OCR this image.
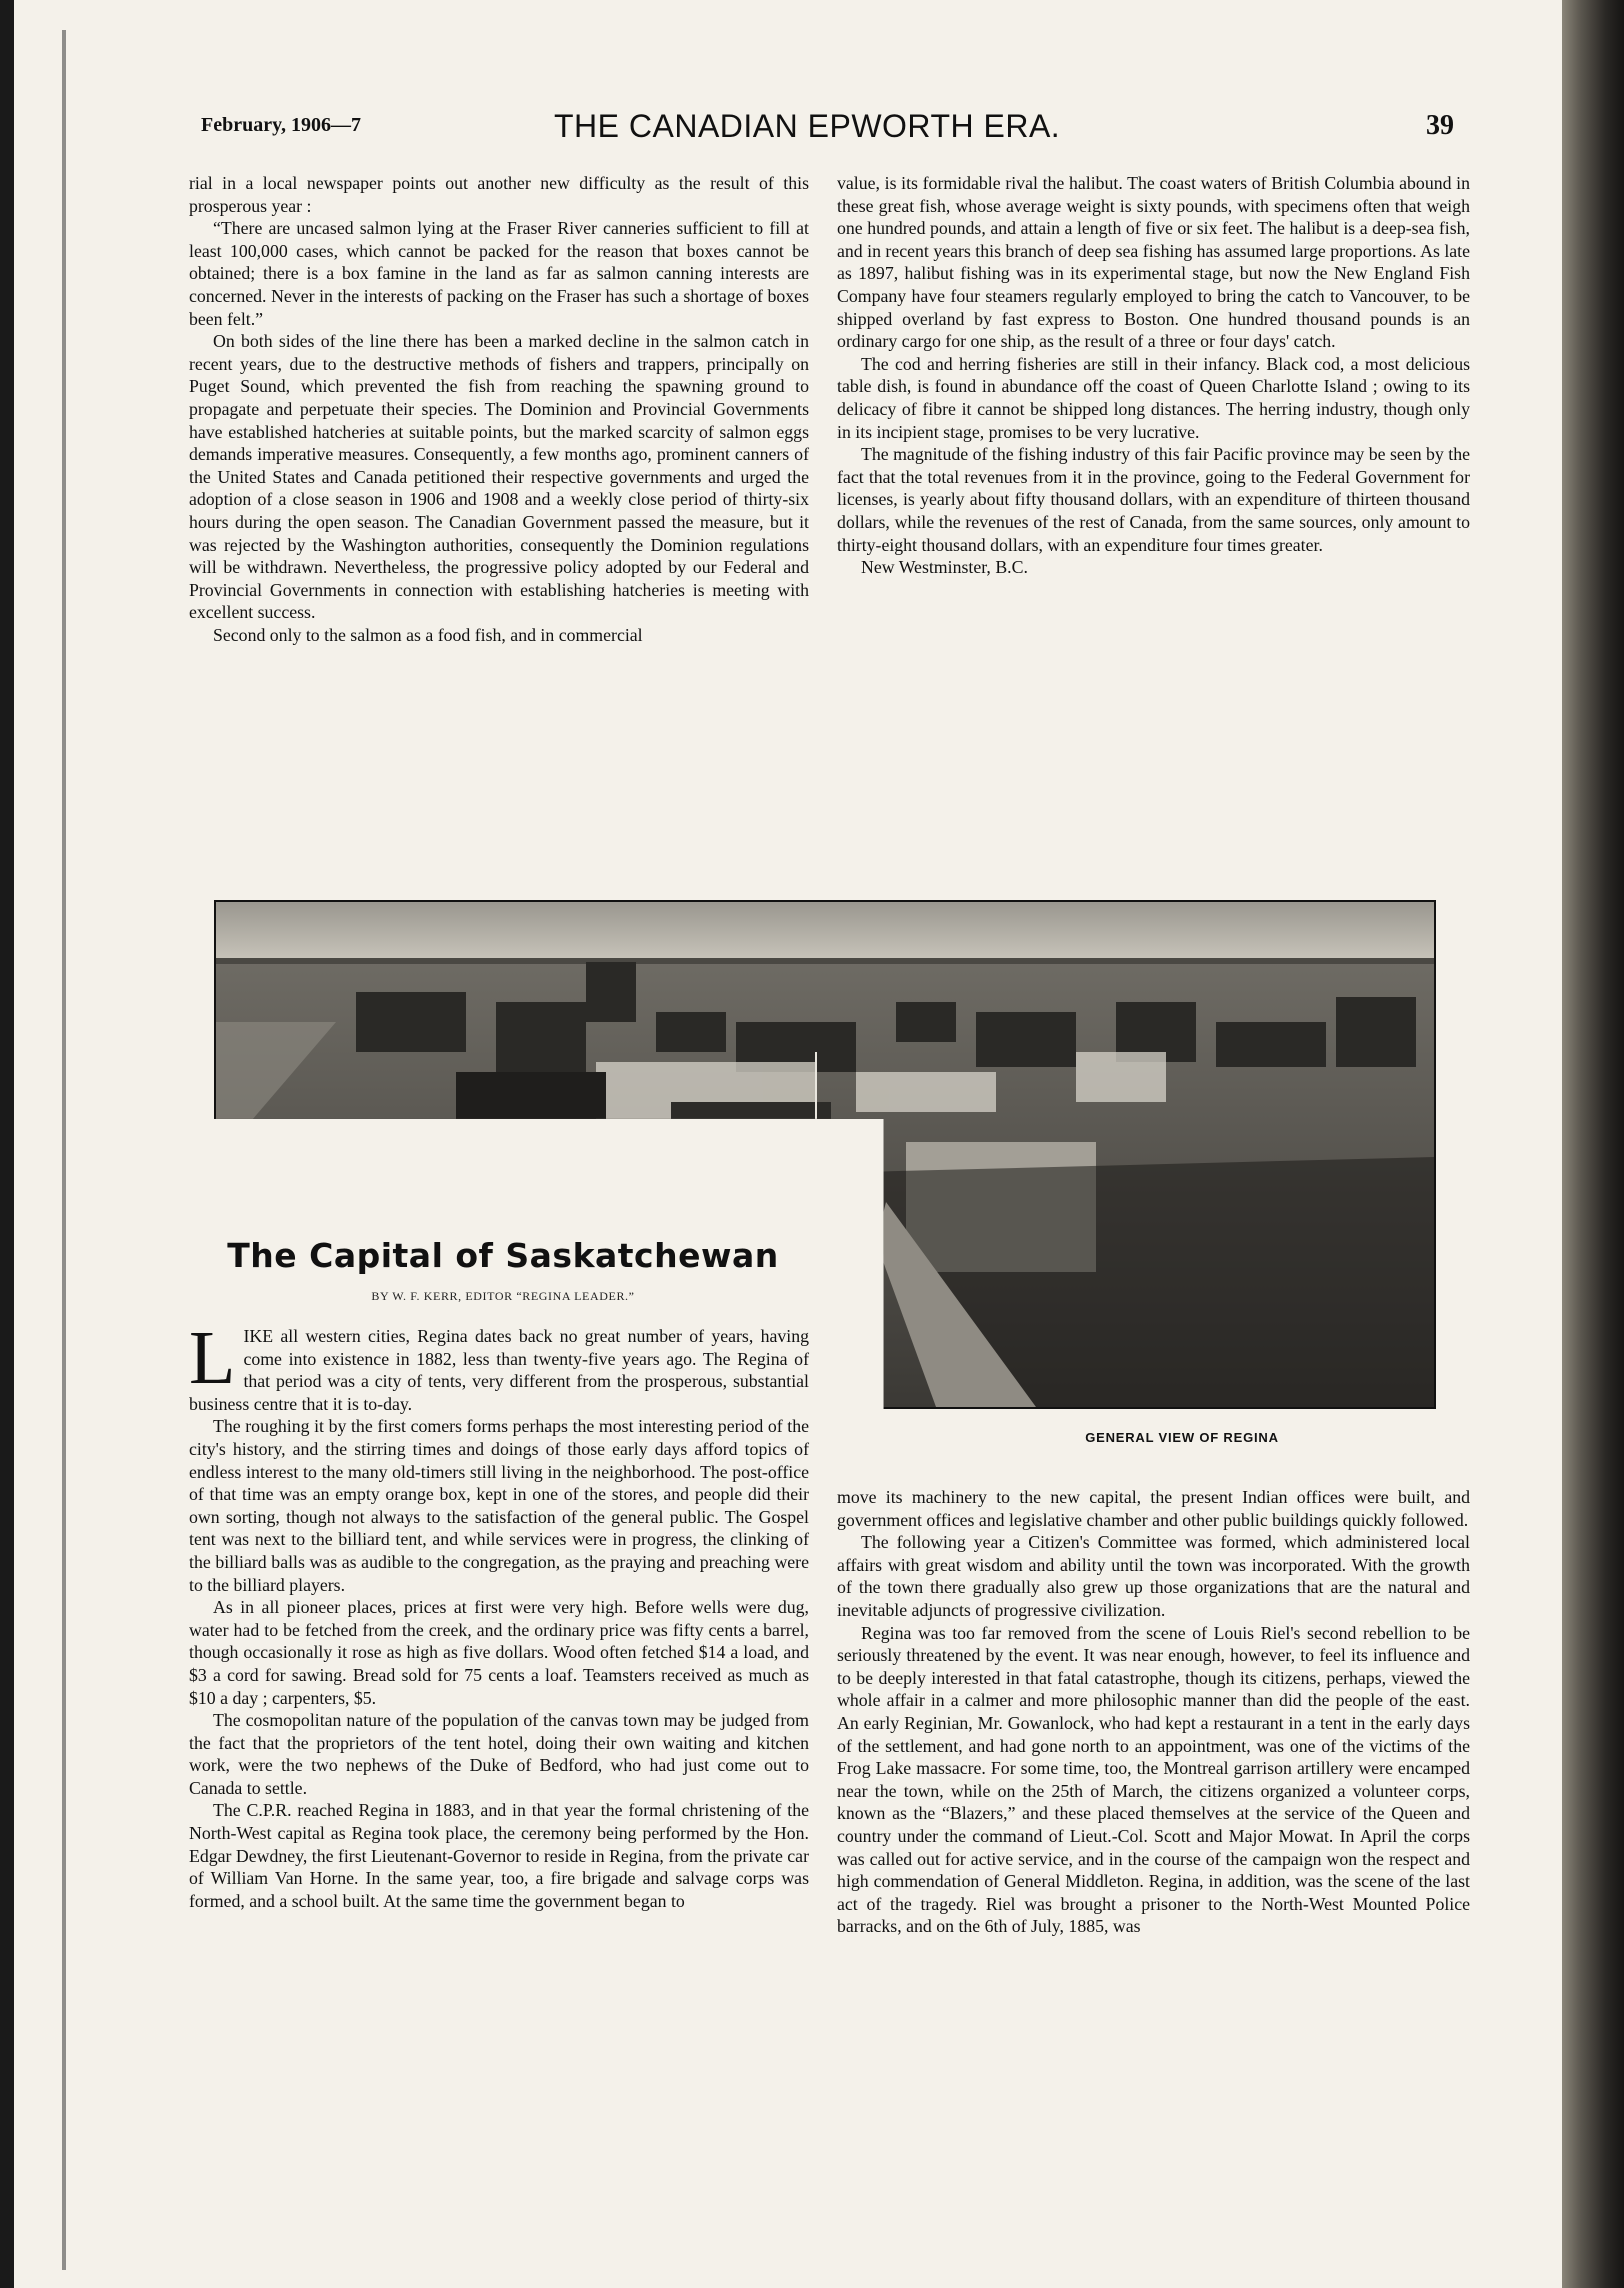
February, 1906—7	THE CANADIAN EPWORTH ERA.	39

rial in a local newspaper points out another new difficulty as the result of this prosperous year :

“There are uncased salmon lying at the Fraser River canneries sufficient to fill at least 100,000 cases, which cannot be packed for the reason that boxes cannot be obtained; there is a box famine in the land as far as salmon canning interests are concerned. Never in the interests of packing on the Fraser has such a shortage of boxes been felt.”

On both sides of the line there has been a marked decline in the salmon catch in recent years, due to the destructive methods of fishers and trappers, principally on Puget Sound, which prevented the fish from reaching the spawning ground to propagate and perpetuate their species. The Dominion and Provincial Governments have established hatcheries at suitable points, but the marked scarcity of salmon eggs demands imperative measures. Consequently, a few months ago, prominent canners of the United States and Canada petitioned their respective governments and urged the adoption of a close season in 1906 and 1908 and a weekly close period of thirty-six hours during the open season. The Canadian Government passed the measure, but it was rejected by the Washington authorities, consequently the Dominion regulations will be withdrawn. Nevertheless, the progressive policy adopted by our Federal and Provincial Governments in connection with establishing hatcheries is meeting with excellent success.

Second only to the salmon as a food fish, and in commercial

value, is its formidable rival the halibut. The coast waters of British Columbia abound in these great fish, whose average weight is sixty pounds, with specimens often that weigh one hundred pounds, and attain a length of five or six feet. The halibut is a deep-sea fish, and in recent years this branch of deep sea fishing has assumed large proportions. As late as 1897, halibut fishing was in its experimental stage, but now the New England Fish Company have four steamers regularly employed to bring the catch to Vancouver, to be shipped overland by fast express to Boston. One hundred thousand pounds is an ordinary cargo for one ship, as the result of a three or four days' catch.

The cod and herring fisheries are still in their infancy. Black cod, a most delicious table dish, is found in abundance off the coast of Queen Charlotte Island ; owing to its delicacy of fibre it cannot be shipped long distances. The herring industry, though only in its incipient stage, promises to be very lucrative.

The magnitude of the fishing industry of this fair Pacific province may be seen by the fact that the total revenues from it in the province, going to the Federal Government for licenses, is yearly about fifty thousand dollars, with an expenditure of thirteen thousand dollars, while the revenues of the rest of Canada, from the same sources, only amount to thirty-eight thousand dollars, with an expenditure four times greater.

New Westminster, B.C.

The Capital of Saskatchewan
BY W. F. KERR, EDITOR “REGINA LEADER.”
GENERAL VIEW OF REGINA

LIKE all western cities, Regina dates back no great number of years, having come into existence in 1882, less than twenty-five years ago. The Regina of that period was a city of tents, very different from the prosperous, substantial business centre that it is to-day.

The roughing it by the first comers forms perhaps the most interesting period of the city's history, and the stirring times and doings of those early days afford topics of endless interest to the many old-timers still living in the neighborhood. The post-office of that time was an empty orange box, kept in one of the stores, and people did their own sorting, though not always to the satisfaction of the general public. The Gospel tent was next to the billiard tent, and while services were in progress, the clinking of the billiard balls was as audible to the congregation, as the praying and preaching were to the billiard players.

As in all pioneer places, prices at first were very high. Before wells were dug, water had to be fetched from the creek, and the ordinary price was fifty cents a barrel, though occasionally it rose as high as five dollars. Wood often fetched $14 a load, and $3 a cord for sawing. Bread sold for 75 cents a loaf. Teamsters received as much as $10 a day ; carpenters, $5.

The cosmopolitan nature of the population of the canvas town may be judged from the fact that the proprietors of the tent hotel, doing their own waiting and kitchen work, were the two nephews of the Duke of Bedford, who had just come out to Canada to settle.

The C.P.R. reached Regina in 1883, and in that year the formal christening of the North-West capital as Regina took place, the ceremony being performed by the Hon. Edgar Dewdney, the first Lieutenant-Governor to reside in Regina, from the private car of William Van Horne. In the same year, too, a fire brigade and salvage corps was formed, and a school built. At the same time the government began to

move its machinery to the new capital, the present Indian offices were built, and government offices and legislative chamber and other public buildings quickly followed.

The following year a Citizen's Committee was formed, which administered local affairs with great wisdom and ability until the town was incorporated. With the growth of the town there gradually also grew up those organizations that are the natural and inevitable adjuncts of progressive civilization.

Regina was too far removed from the scene of Louis Riel's second rebellion to be seriously threatened by the event. It was near enough, however, to feel its influence and to be deeply interested in that fatal catastrophe, though its citizens, perhaps, viewed the whole affair in a calmer and more philosophic manner than did the people of the east. An early Reginian, Mr. Gowanlock, who had kept a restaurant in a tent in the early days of the settlement, and had gone north to an appointment, was one of the victims of the Frog Lake massacre. For some time, too, the Montreal garrison artillery were encamped near the town, while on the 25th of March, the citizens organized a volunteer corps, known as the “Blazers,” and these placed themselves at the service of the Queen and country under the command of Lieut.-Col. Scott and Major Mowat. In April the corps was called out for active service, and in the course of the campaign won the respect and high commendation of General Middleton. Regina, in addition, was the scene of the last act of the tragedy. Riel was brought a prisoner to the North-West Mounted Police barracks, and on the 6th of July, 1885, was
